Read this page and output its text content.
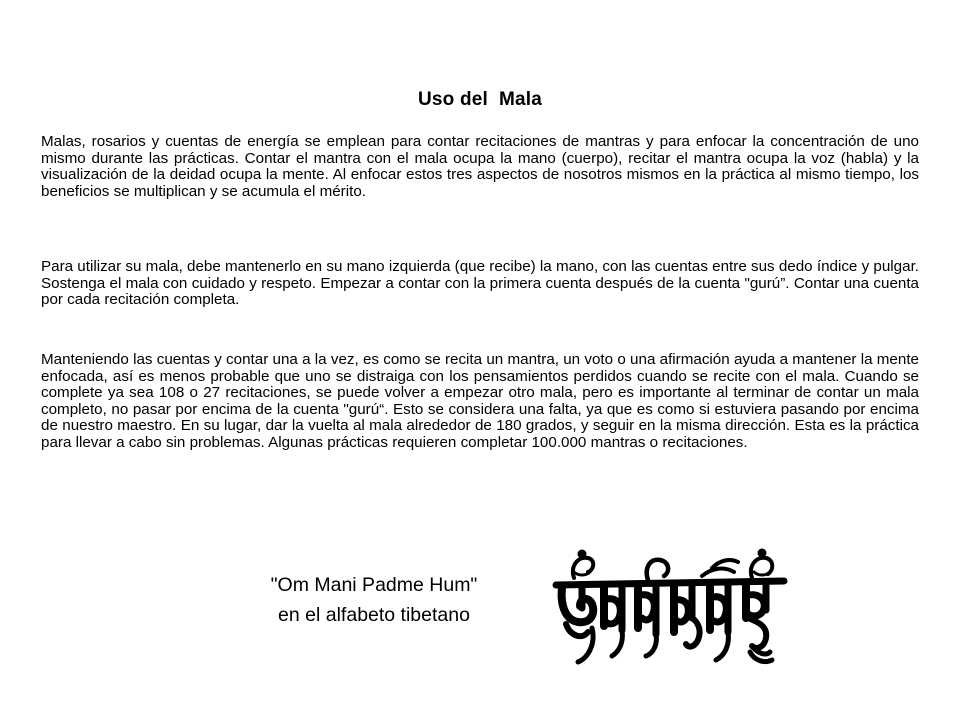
Uso del  Mala

Malas, rosarios y cuentas de energía se emplean para contar recitaciones de mantras y para enfocar la concentración de uno mismo durante las prácticas. Contar el mantra con el mala ocupa la mano (cuerpo), recitar el mantra ocupa la voz (habla) y la visualización de la deidad ocupa la mente. Al enfocar estos tres aspectos de nosotros mismos en la práctica al mismo tiempo, los beneficios se multiplican y se acumula el mérito.

Para utilizar su mala, debe mantenerlo en su mano izquierda (que recibe) la mano, con las cuentas entre sus dedo índice y pulgar. Sostenga el mala con cuidado y respeto. Empezar a contar con la primera cuenta después de la cuenta "gurú”. Contar una cuenta por cada recitación completa.

Manteniendo las cuentas y contar una a la vez, es como se recita un mantra, un voto o una afirmación ayuda a mantener la mente enfocada, así es menos probable que uno se distraiga con los pensamientos perdidos cuando se recite con el mala. Cuando se complete ya sea 108 o 27 recitaciones, se puede volver a empezar otro mala, pero es importante al terminar de contar un mala completo, no pasar por encima de la cuenta "gurú“. Esto se considera una falta, ya que es como si estuviera pasando por encima de nuestro maestro. En su lugar, dar la vuelta al mala alrededor de 180 grados, y seguir en la misma dirección. Esta es la práctica para llevar a cabo sin problemas. Algunas prácticas requieren completar 100.000 mantras o recitaciones.

"Om Mani Padme Hum"
en el alfabeto tibetano
